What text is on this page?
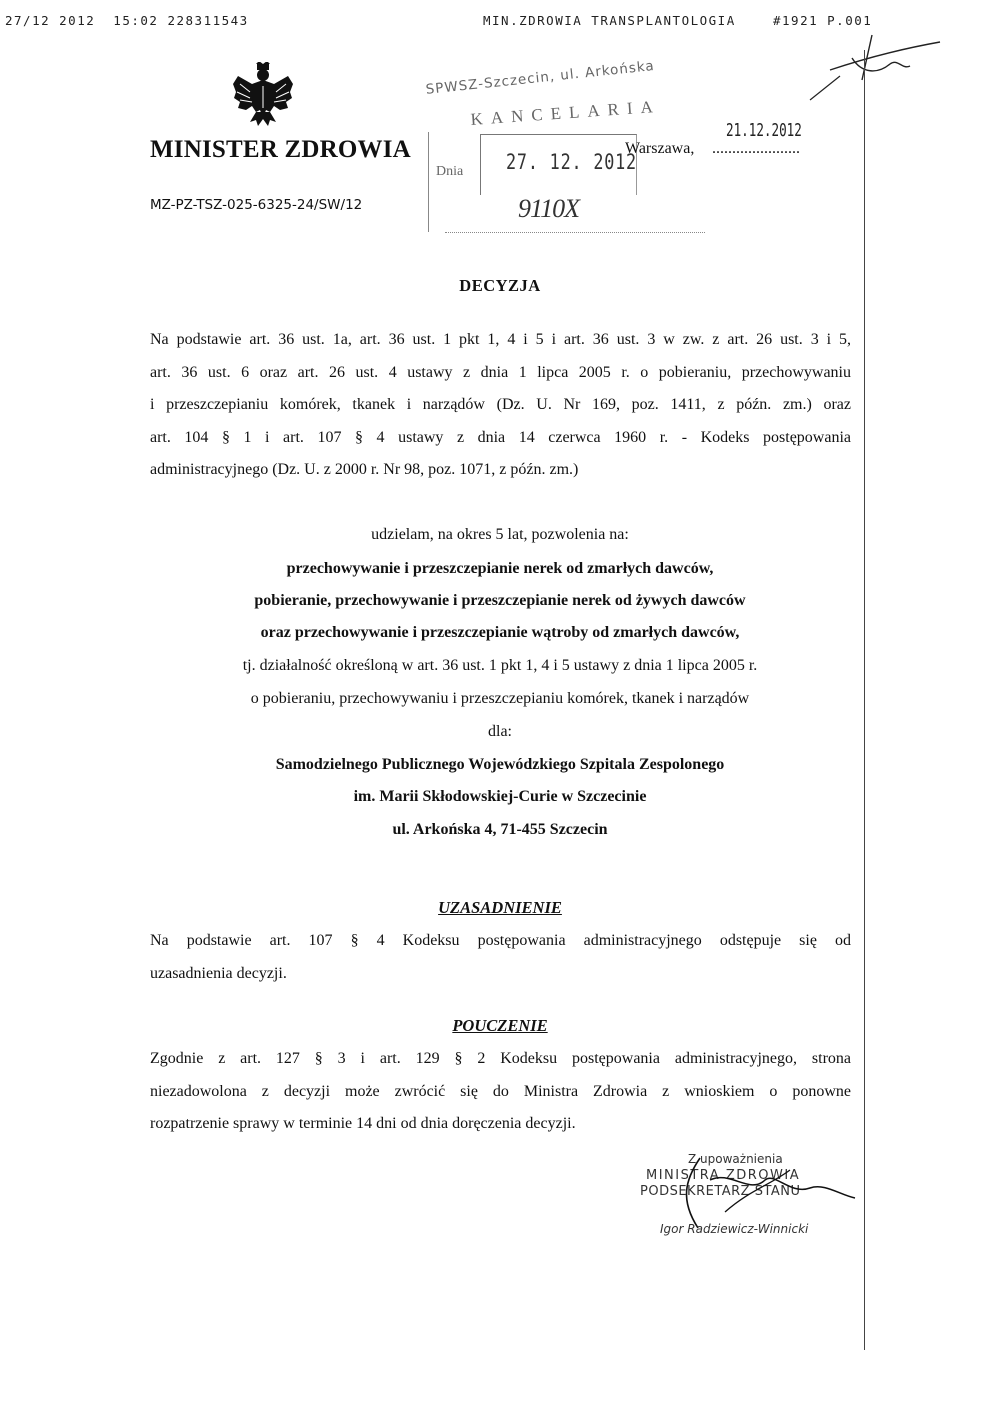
27/12 2012  15:02 228311543	MIN.ZDROWIA TRANSPLANTOLOGIA	#1921 P.001
MINISTER ZDROWIA
MZ-PZ-TSZ-025-6325-24/SW/12
SPWSZ-Szczecin, ul. Arkońska
KANCELARIA
Dnia 27. 12. 2012
9110X
Warszawa,
21.12.2012
......................
DECYZJA
Na podstawie art. 36 ust. 1a, art. 36 ust. 1 pkt 1, 4 i 5 i art. 36 ust. 3 w zw. z art. 26 ust. 3 i 5,
art. 36 ust. 6 oraz art. 26 ust. 4 ustawy z dnia 1 lipca 2005 r. o pobieraniu, przechowywaniu
i przeszczepianiu komórek, tkanek i narządów (Dz. U. Nr 169, poz. 1411, z późn. zm.) oraz
art. 104 § 1 i art. 107 § 4 ustawy z dnia 14 czerwca 1960 r. - Kodeks postępowania
administracyjnego (Dz. U. z 2000 r. Nr 98, poz. 1071, z późn. zm.)
udzielam, na okres 5 lat, pozwolenia na:
przechowywanie i przeszczepianie nerek od zmarłych dawców,
pobieranie, przechowywanie i przeszczepianie nerek od żywych dawców
oraz przechowywanie i przeszczepianie wątroby od zmarłych dawców,
tj. działalność określoną w art. 36 ust. 1 pkt 1, 4 i 5 ustawy z dnia 1 lipca 2005 r.
o pobieraniu, przechowywaniu i przeszczepianiu komórek, tkanek i narządów
dla:
Samodzielnego Publicznego Wojewódzkiego Szpitala Zespolonego
im. Marii Skłodowskiej-Curie w Szczecinie
ul. Arkońska 4, 71-455 Szczecin
UZASADNIENIE
Na podstawie art. 107 § 4 Kodeksu postępowania administracyjnego odstępuje się od
uzasadnienia decyzji.
POUCZENIE
Zgodnie z art. 127 § 3 i art. 129 § 2 Kodeksu postępowania administracyjnego, strona
niezadowolona z decyzji może zwrócić się do Ministra Zdrowia z wnioskiem o ponowne
rozpatrzenie sprawy w terminie 14 dni od dnia doręczenia decyzji.
Z upoważnienia
MINISTRA ZDROWIA
PODSEKRETARZ STANU
Igor Radziewicz-Winnicki
